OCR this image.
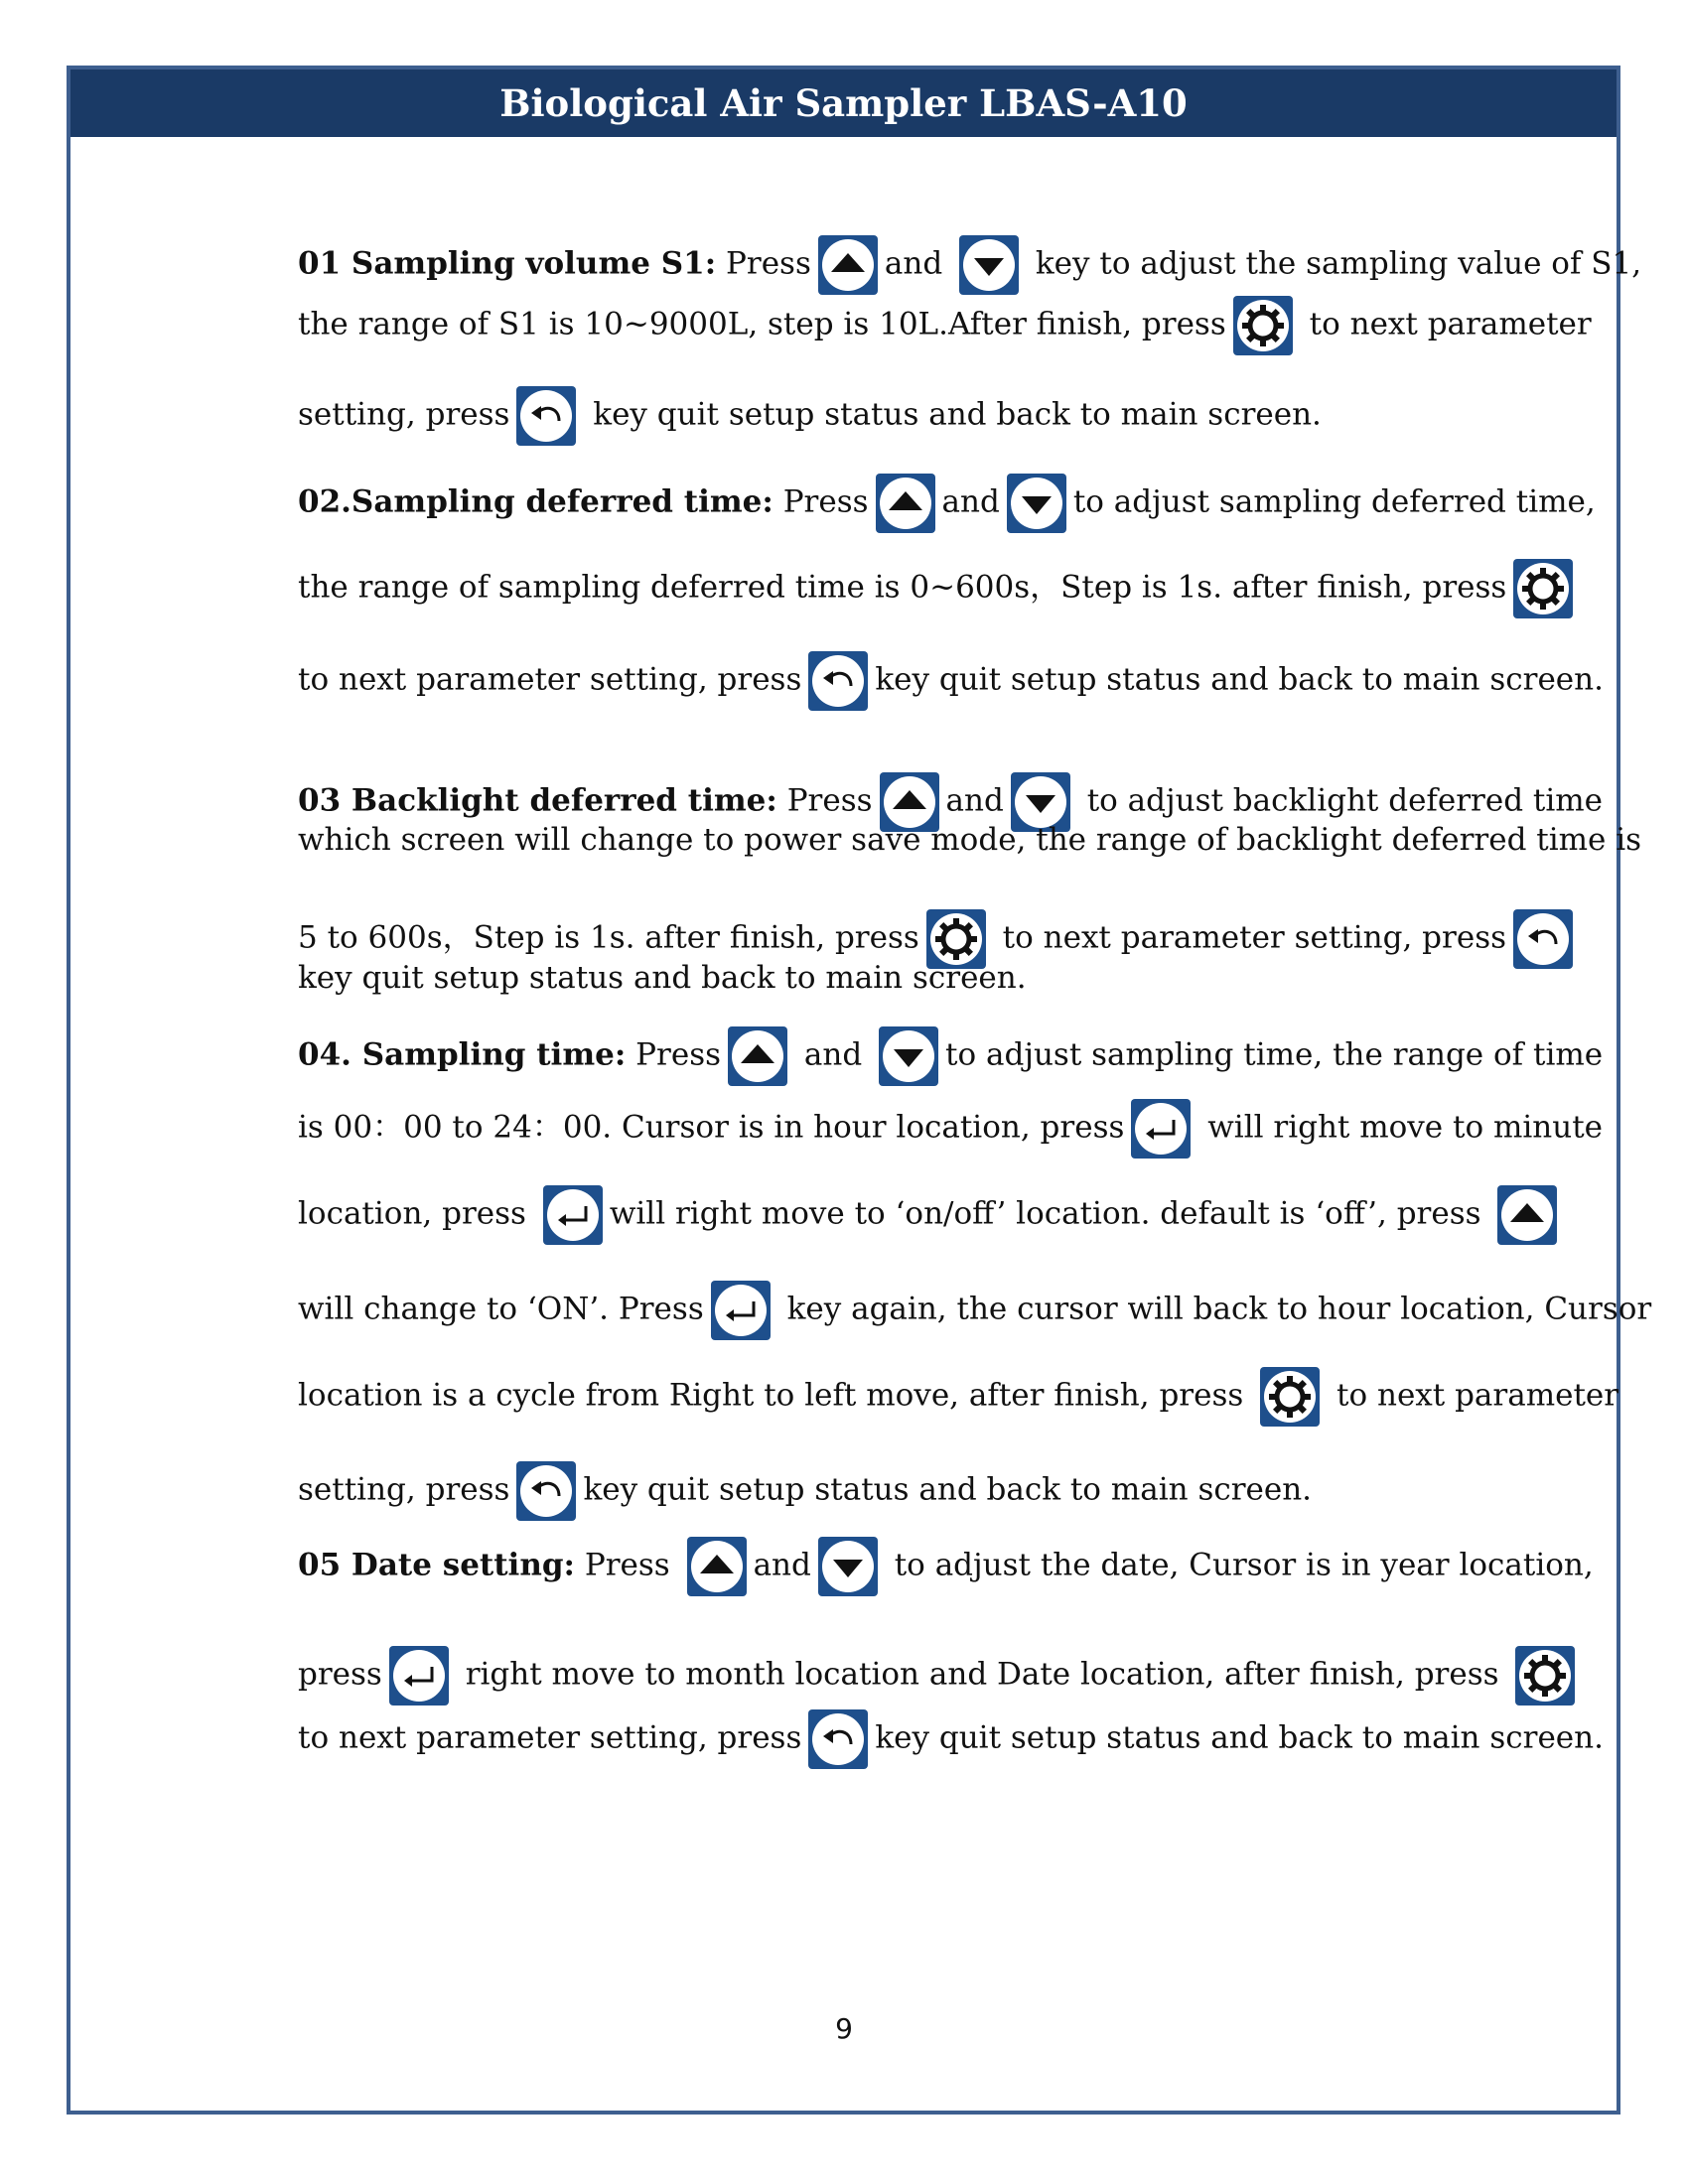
Biological Air Sampler LBAS-A10
01 Sampling volume S1: Press and	key to adjust the sampling value of S1,
the range of S1 is 10~9000L, step is 10L.After finish, press	to next parameter
setting, press	key quit setup status and back to main screen.
02.Sampling deferred time: Press and to adjust sampling deferred time,
the range of sampling deferred time is 0~600s，Step is 1s. after finish, press
to next parameter setting, press key quit setup status and back to main screen.
03 Backlight deferred time: Press and	to adjust backlight deferred time
which screen will change to power save mode, the range of backlight deferred time is
5 to 600s，Step is 1s. after finish, press	to next parameter setting, press
key quit setup status and back to main screen.
04. Sampling time: Press	and	to adjust sampling time, the range of time
is 00：00 to 24：00. Cursor is in hour location, press	will right move to minute
location, press	will right move to ‘on/off’ location. default is ‘off’, press
will change to ‘ON’. Press	key again, the cursor will back to hour location, Cursor
location is a cycle from Right to left move, after finish, press	to next parameter
setting, press key quit setup status and back to main screen.
05 Date setting: Press	and	to adjust the date, Cursor is in year location,
press	right move to month location and Date location, after finish, press
to next parameter setting, press key quit setup status and back to main screen.
9
